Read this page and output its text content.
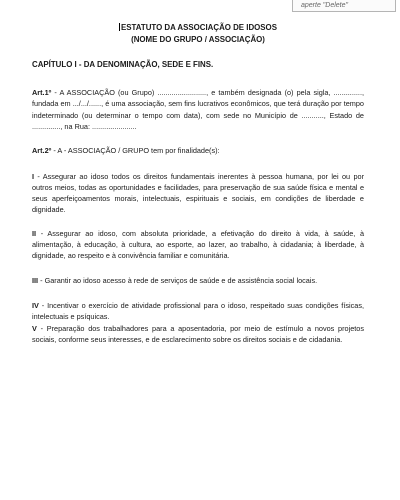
aperte "Delete"
ESTATUTO DA ASSOCIAÇÃO DE IDOSOS
(NOME DO GRUPO / ASSOCIAÇÃO)
CAPÍTULO I - DA DENOMINAÇÃO, SEDE E FINS.

Art.1º - A ASSOCIAÇÃO (ou Grupo) ........................, e também designada (o) pela sigla, .............., fundada em .../.../......, é uma associação, sem fins lucrativos econômicos, que terá duração por tempo indeterminado (ou determinar o tempo com data), com sede no Município de ..........., Estado de .............., na Rua: ......................

Art.2º - A - ASSOCIAÇÃO / GRUPO tem por finalidade(s):

I - Assegurar ao idoso todos os direitos fundamentais inerentes à pessoa humana, por lei ou por outros meios, todas as oportunidades e facilidades, para preservação de sua saúde física e mental e seus aperfeiçoamentos morais, intelectuais, espirituais e sociais, em condições de liberdade e dignidade.

II - Assegurar ao idoso, com absoluta prioridade, a efetivação do direito à vida, à saúde, à alimentação, à educação, à cultura, ao esporte, ao lazer, ao trabalho, à cidadania; à liberdade, à dignidade, ao respeito e à convivência familiar e comunitária.

III - Garantir ao idoso acesso à rede de serviços de saúde e de assistência social locais.

IV - Incentivar o exercício de atividade profissional para o idoso, respeitado suas condições físicas, intelectuais e psíquicas.

V - Preparação dos trabalhadores para a aposentadoria, por meio de estímulo a novos projetos sociais, conforme seus interesses, e de esclarecimento sobre os direitos sociais e de cidadania.
